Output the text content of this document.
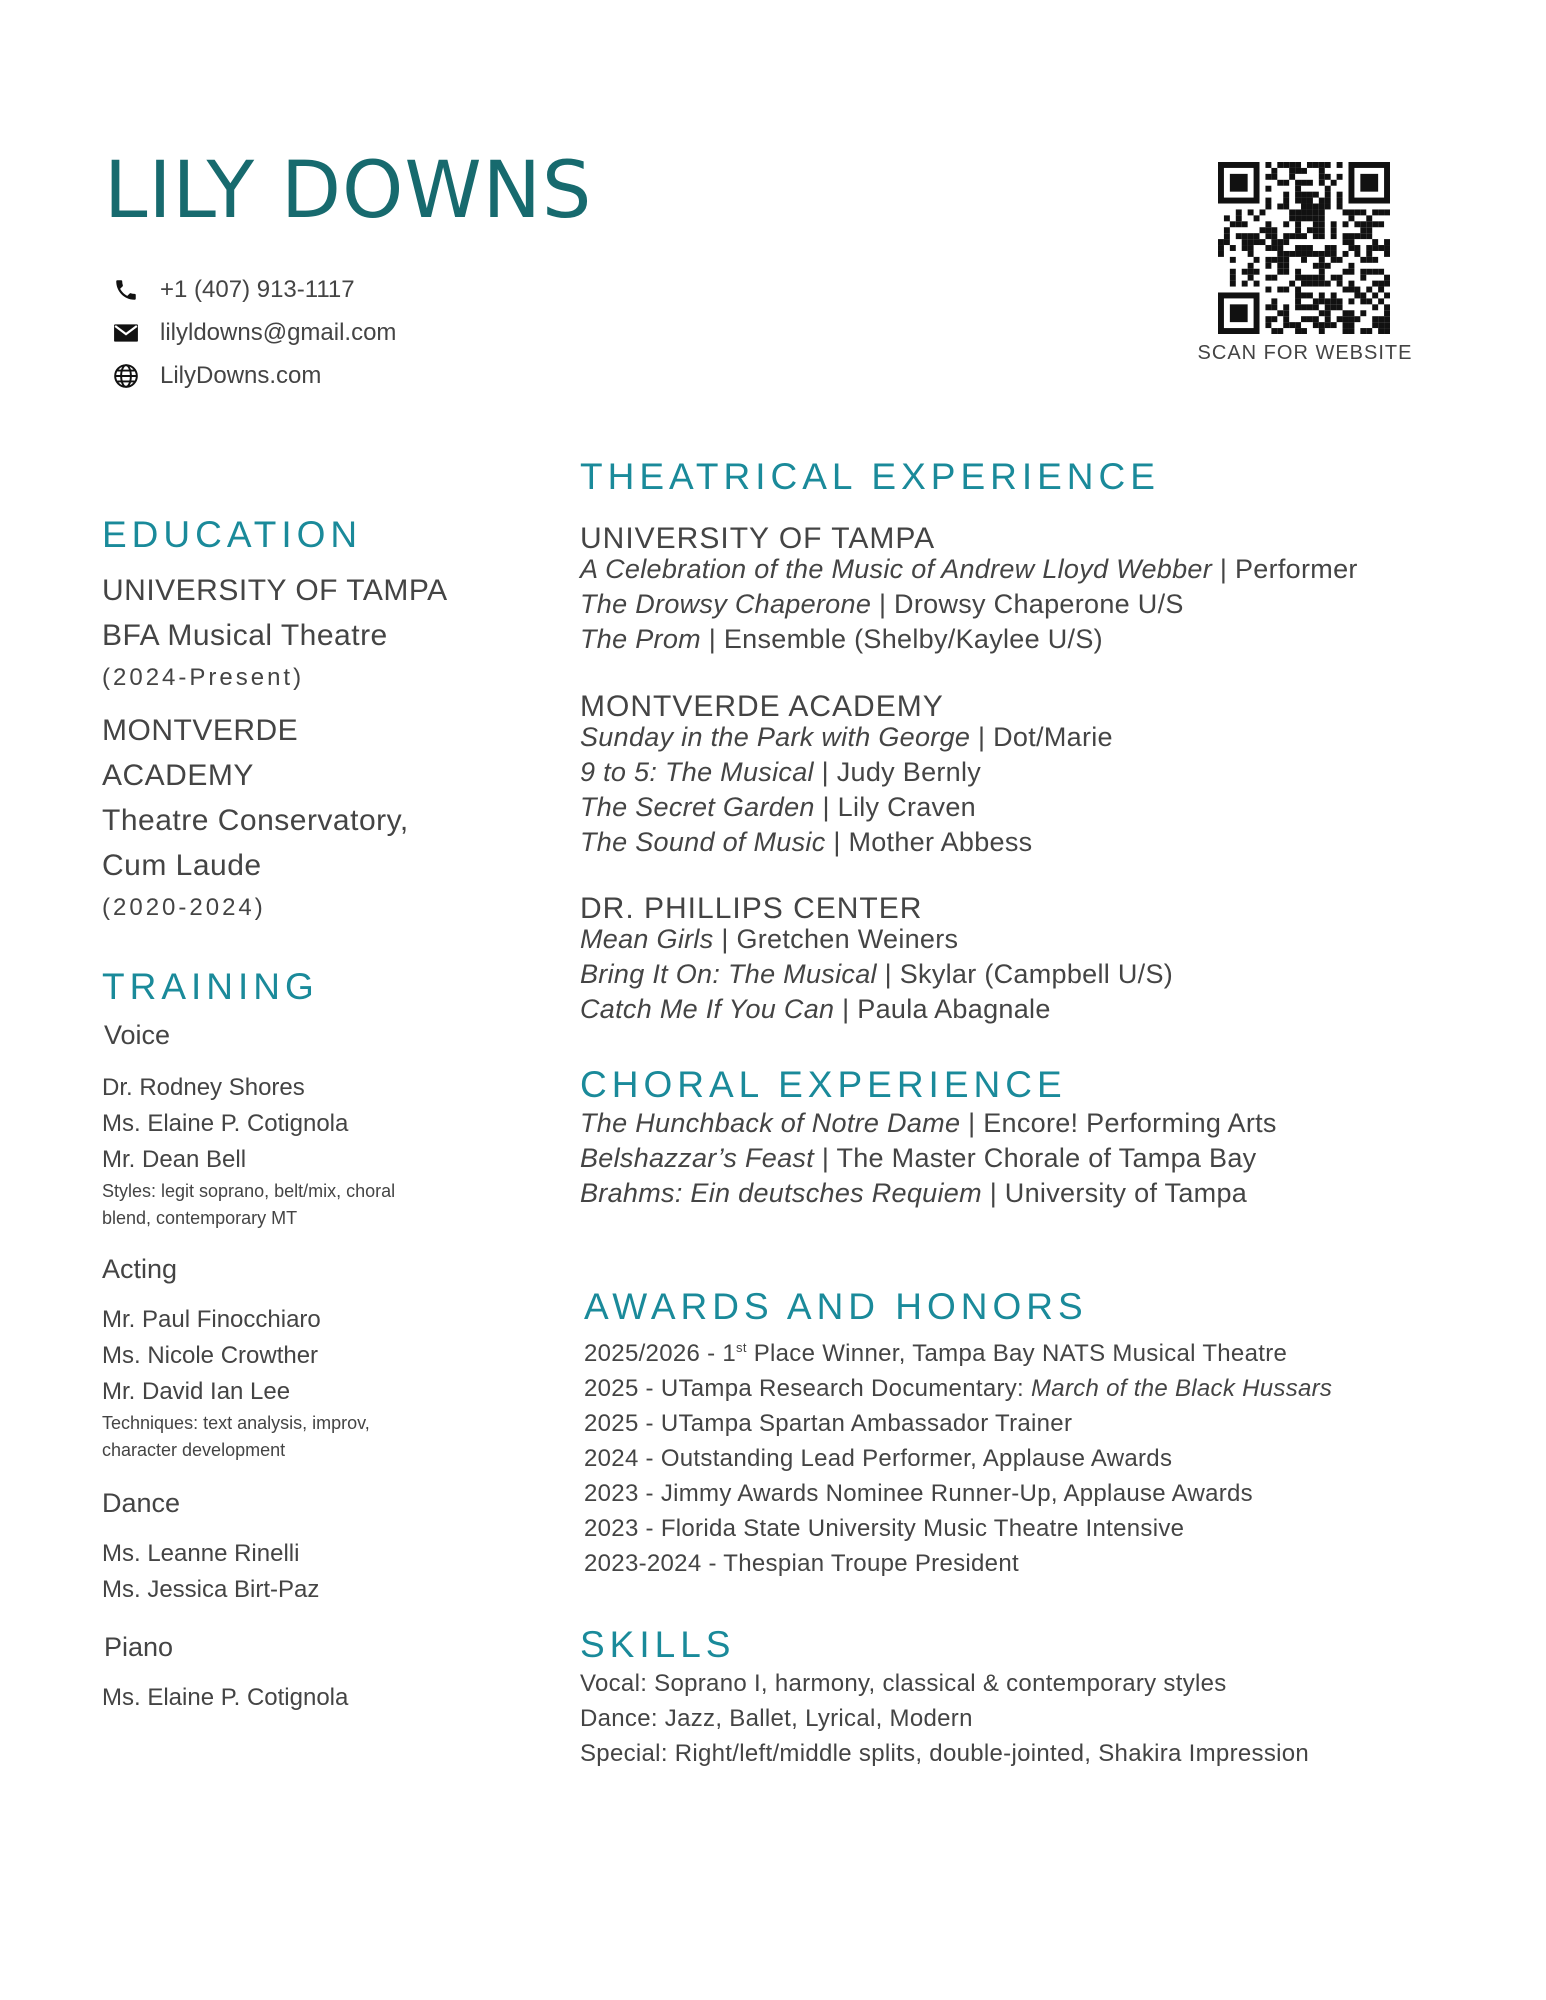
LILY DOWNS
+1 (407) 913-1117
lilyldowns@gmail.com
LilyDowns.com
SCAN FOR WEBSITE
EDUCATION
UNIVERSITY OF TAMPA
BFA Musical Theatre
(2024-Present)
MONTVERDE
ACADEMY
Theatre Conservatory,
Cum Laude
(2020-2024)
TRAINING
Voice
Dr. Rodney Shores
Ms. Elaine P. Cotignola
Mr. Dean Bell
Styles: legit soprano, belt/mix, choral
blend, contemporary MT
Acting
Mr. Paul Finocchiaro
Ms. Nicole Crowther
Mr. David Ian Lee
Techniques: text analysis, improv,
character development
Dance
Ms. Leanne Rinelli
Ms. Jessica Birt-Paz
Piano
Ms. Elaine P. Cotignola
THEATRICAL EXPERIENCE
UNIVERSITY OF TAMPA
A Celebration of the Music of Andrew Lloyd Webber | Performer
The Drowsy Chaperone | Drowsy Chaperone U/S
The Prom | Ensemble (Shelby/Kaylee U/S)
MONTVERDE ACADEMY
Sunday in the Park with George | Dot/Marie
9 to 5: The Musical | Judy Bernly
The Secret Garden | Lily Craven
The Sound of Music | Mother Abbess
DR. PHILLIPS CENTER
Mean Girls | Gretchen Weiners
Bring It On: The Musical | Skylar (Campbell U/S)
Catch Me If You Can | Paula Abagnale
CHORAL EXPERIENCE
The Hunchback of Notre Dame | Encore! Performing Arts
Belshazzar’s Feast | The Master Chorale of Tampa Bay
Brahms: Ein deutsches Requiem | University of Tampa
AWARDS AND HONORS
2025/2026 - 1st Place Winner, Tampa Bay NATS Musical Theatre
2025 - UTampa Research Documentary: March of the Black Hussars
2025 - UTampa Spartan Ambassador Trainer
2024 - Outstanding Lead Performer, Applause Awards
2023 - Jimmy Awards Nominee Runner-Up, Applause Awards
2023 - Florida State University Music Theatre Intensive
2023-2024 - Thespian Troupe President
SKILLS
Vocal: Soprano I, harmony, classical & contemporary styles
Dance: Jazz, Ballet, Lyrical, Modern
Special: Right/left/middle splits, double-jointed, Shakira Impression
